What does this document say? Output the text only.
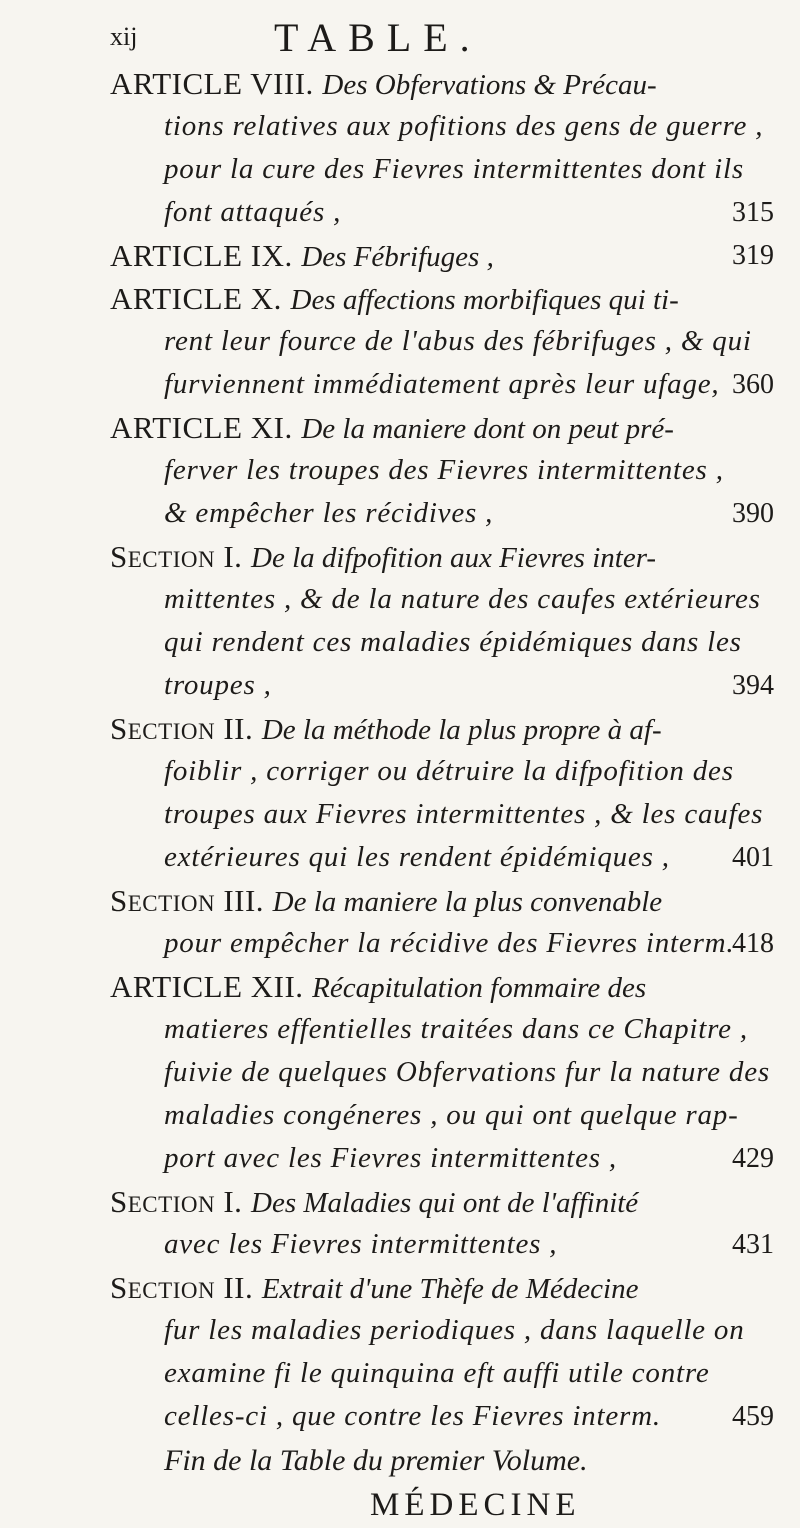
xij	TABLE.
ARTICLE VIII. Des Obfervations & Précau-
tions relatives aux pofitions des gens de guerre ,
pour la cure des Fievres intermittentes dont ils
font attaqués ,	315
ARTICLE IX. Des Fébrifuges ,	319
ARTICLE X. Des affections morbifiques qui ti-
rent leur fource de l'abus des fébrifuges , & qui
furviennent immédiatement après leur ufage, 360
ARTICLE XI. De la maniere dont on peut pré-
ferver les troupes des Fievres intermittentes ,
& empêcher les récidives ,	390
SECTION I. De la difpofition aux Fievres inter-
mittentes , & de la nature des caufes extérieures
qui rendent ces maladies épidémiques dans les
troupes ,	394
SECTION II. De la méthode la plus propre à af-
foiblir , corriger ou détruire la difpofition des
troupes aux Fievres intermittentes , & les caufes
extérieures qui les rendent épidémiques , 401
SECTION III. De la maniere la plus convenable
pour empêcher la récidive des Fievres interm.
418
ARTICLE XII. Récapitulation fommaire des
matieres effentielles traitées dans ce Chapitre ,
fuivie de quelques Obfervations fur la nature des
maladies congéneres , ou qui ont quelque rap-
port avec les Fievres intermittentes ,	429
SECTION I. Des Maladies qui ont de l'affinité
avec les Fievres intermittentes ,	431
SECTION II. Extrait d'une Thèfe de Médecine
fur les maladies periodiques , dans laquelle on
examine fi le quinquina eft auffi utile contre
celles-ci , que contre les Fievres interm.	459
Fin de la Table du premier Volume.
MÉDECINE
